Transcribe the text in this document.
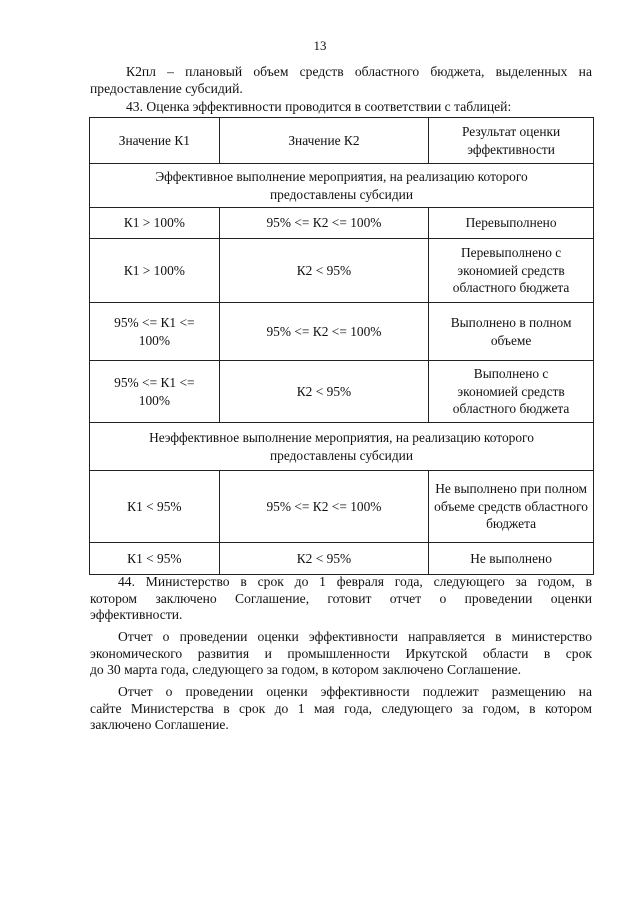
13

К2пл – плановый объем средств областного бюджета, выделенных на
предоставление субсидий.

43. Оценка эффективности проводится в соответствии с таблицей:

Значение К1	Значение К2	Результат оценки эффективности
Эффективное выполнение мероприятия, на реализацию которого предоставлены субсидии		
К1 > 100%	95% <= К2 <= 100%	Перевыполнено
К1 > 100%	К2 < 95%	Перевыполнено с экономией средств областного бюджета
95% <= К1 <= 100%	95% <= К2 <= 100%	Выполнено в полном объеме
95% <= К1 <= 100%	К2 < 95%	Выполнено с экономией средств областного бюджета
Неэффективное выполнение мероприятия, на реализацию которого предоставлены субсидии		
К1 < 95%	95% <= К2 <= 100%	Не выполнено при полном объеме средств областного бюджета
К1 < 95%	К2 < 95%	Не выполнено

44. Министерство в срок до 1 февраля года, следующего за годом, в
котором заключено Соглашение, готовит отчет о проведении оценки
эффективности.

Отчет о проведении оценки эффективности направляется в министерство
экономического развития и промышленности Иркутской области в срок
до 30 марта года, следующего за годом, в котором заключено Соглашение.

Отчет о проведении оценки эффективности подлежит размещению на
сайте Министерства в срок до 1 мая года, следующего за годом, в котором
заключено Соглашение.
